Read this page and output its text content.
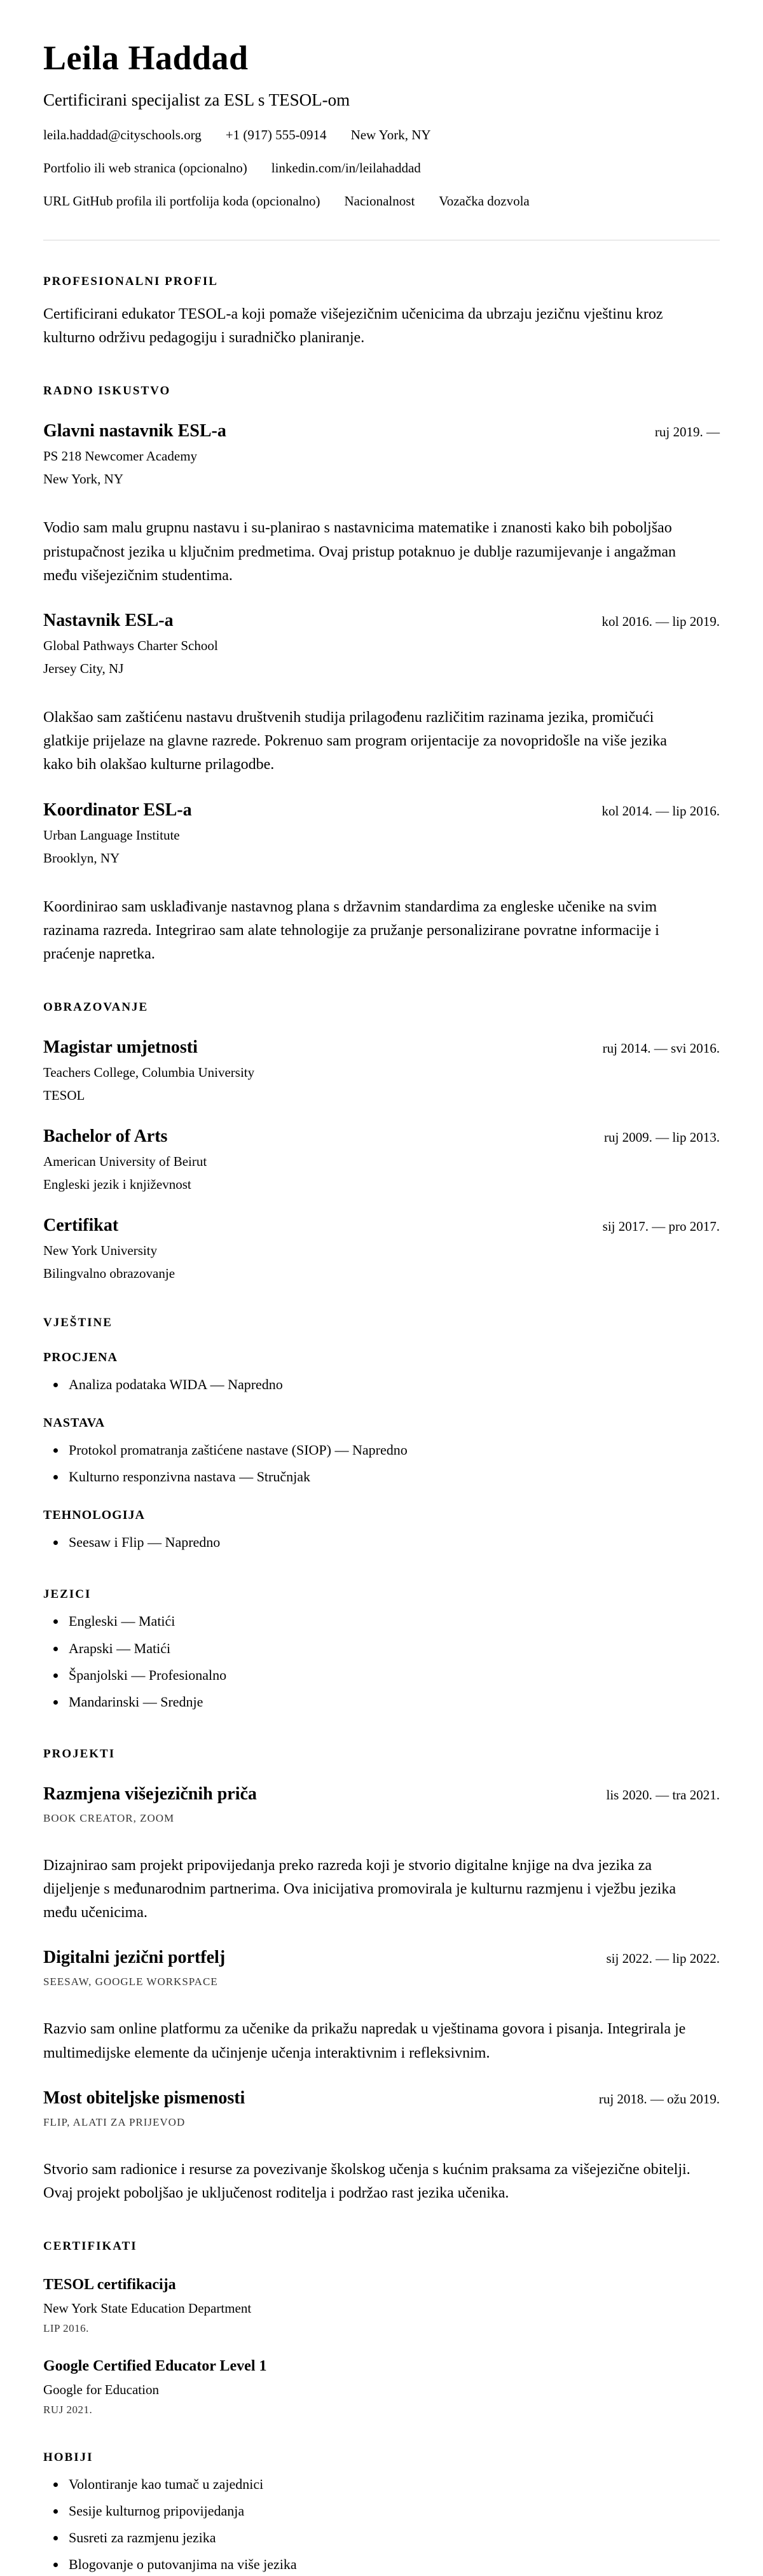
Leila Haddad
Certificirani specijalist za ESL s TESOL-om
leila.haddad@cityschools.org +1 (917) 555-0914 New York, NY
Portfolio ili web stranica (opcionalno) linkedin.com/in/leilahaddad
URL GitHub profila ili portfolija koda (opcionalno) Nacionalnost Vozačka dozvola
PROFESIONALNI PROFIL

Certificirani edukator TESOL-a koji pomaže višejezičnim učenicima da ubrzaju jezičnu vještinu kroz kulturno održivu pedagogiju i suradničko planiranje.

RADNO ISKUSTVO
Glavni nastavnik ESL-a	ruj 2019. —
PS 218 Newcomer Academy
New York, NY

Vodio sam malu grupnu nastavu i su-planirao s nastavnicima matematike i znanosti kako bih poboljšao pristupačnost jezika u ključnim predmetima. Ovaj pristup potaknuo je dublje razumijevanje i angažman među višejezičnim studentima.

Nastavnik ESL-a	kol 2016. — lip 2019.
Global Pathways Charter School
Jersey City, NJ

Olakšao sam zaštićenu nastavu društvenih studija prilagođenu različitim razinama jezika, promičući glatkije prijelaze na glavne razrede. Pokrenuo sam program orijentacije za novopridošle na više jezika kako bih olakšao kulturne prilagodbe.

Koordinator ESL-a	kol 2014. — lip 2016.
Urban Language Institute
Brooklyn, NY

Koordinirao sam usklađivanje nastavnog plana s državnim standardima za engleske učenike na svim razinama razreda. Integrirao sam alate tehnologije za pružanje personalizirane povratne informacije i praćenje napretka.

OBRAZOVANJE
Magistar umjetnosti	ruj 2014. — svi 2016.
Teachers College, Columbia University
TESOL
Bachelor of Arts	ruj 2009. — lip 2013.
American University of Beirut
Engleski jezik i književnost
Certifikat	sij 2017. — pro 2017.
New York University
Bilingvalno obrazovanje
VJEŠTINE
PROCJENA
• Analiza podataka WIDA — Napredno
NASTAVA
• Protokol promatranja zaštićene nastave (SIOP) — Napredno
• Kulturno responzivna nastava — Stručnjak
TEHNOLOGIJA
• Seesaw i Flip — Napredno
JEZICI
• Engleski — Matići
• Arapski — Matići
• Španjolski — Profesionalno
• Mandarinski — Srednje
PROJEKTI
Razmjena višejezičnih priča	lis 2020. — tra 2021.
BOOK CREATOR, ZOOM

Dizajnirao sam projekt pripovijedanja preko razreda koji je stvorio digitalne knjige na dva jezika za dijeljenje s međunarodnim partnerima. Ova inicijativa promovirala je kulturnu razmjenu i vježbu jezika među učenicima.

Digitalni jezični portfelj	sij 2022. — lip 2022.
SEESAW, GOOGLE WORKSPACE

Razvio sam online platformu za učenike da prikažu napredak u vještinama govora i pisanja. Integrirala je multimedijske elemente da učinjenje učenja interaktivnim i refleksivnim.

Most obiteljske pismenosti	ruj 2018. — ožu 2019.
FLIP, ALATI ZA PRIJEVOD

Stvorio sam radionice i resurse za povezivanje školskog učenja s kućnim praksama za višejezične obitelji. Ovaj projekt poboljšao je uključenost roditelja i podržao rast jezika učenika.

CERTIFIKATI
TESOL certifikacija
New York State Education Department
LIP 2016.
Google Certified Educator Level 1
Google for Education
RUJ 2021.
HOBIJI
• Volontiranje kao tumač u zajednici
• Sesije kulturnog pripovijedanja
• Susreti za razmjenu jezika
• Blogovanje o putovanjima na više jezika
